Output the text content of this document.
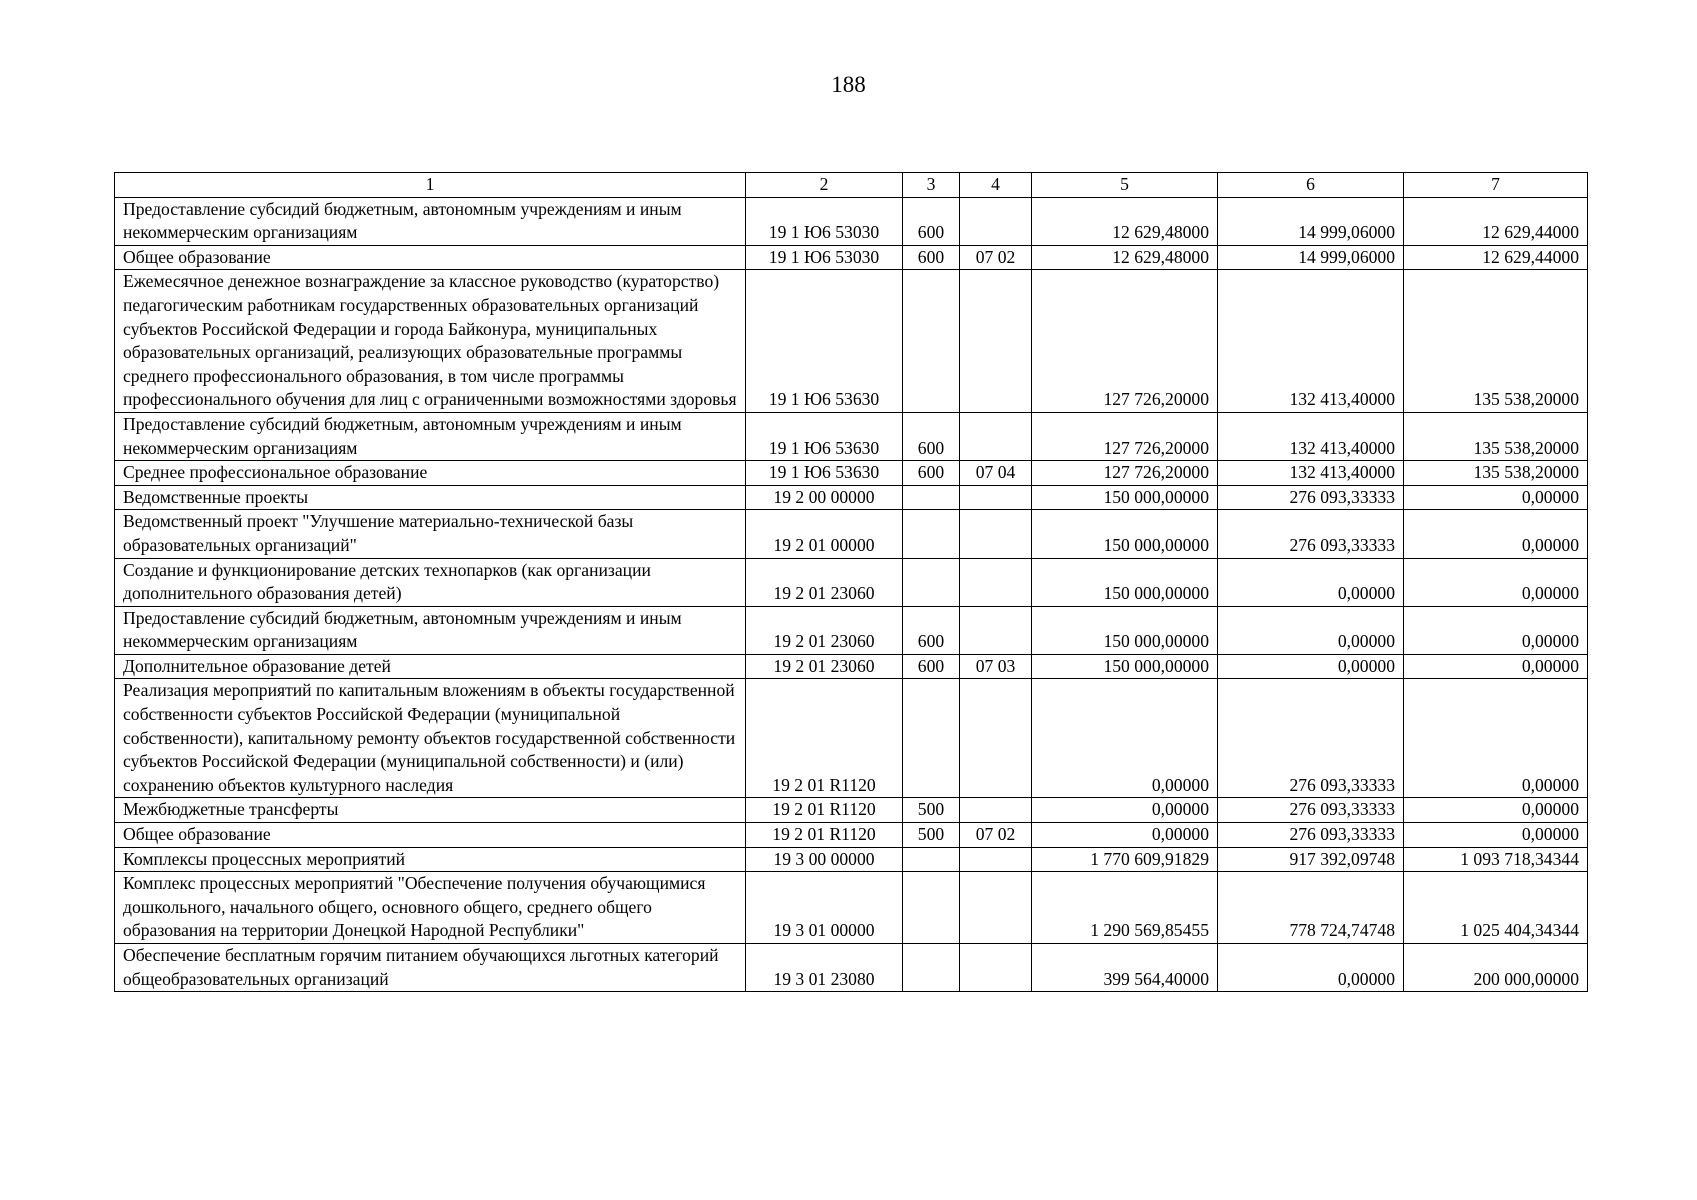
188
1	2	3	4	5	6	7
Предоставление субсидий бюджетным, автономным учреждениям и иным некоммерческим организациям	19 1 Ю6 53030	600		12 629,48000	14 999,06000	12 629,44000
Общее образование	19 1 Ю6 53030	600	07 02	12 629,48000	14 999,06000	12 629,44000
Ежемесячное денежное вознаграждение за классное руководство (кураторство) педагогическим работникам государственных образовательных организаций субъектов Российской Федерации и города Байконура, муниципальных образовательных организаций, реализующих образовательные программы среднего профессионального образования, в том числе программы профессионального обучения для лиц с ограниченными возможностями здоровья	19 1 Ю6 53630			127 726,20000	132 413,40000	135 538,20000
Предоставление субсидий бюджетным, автономным учреждениям и иным некоммерческим организациям	19 1 Ю6 53630	600		127 726,20000	132 413,40000	135 538,20000
Среднее профессиональное образование	19 1 Ю6 53630	600	07 04	127 726,20000	132 413,40000	135 538,20000
Ведомственные проекты	19 2 00 00000			150 000,00000	276 093,33333	0,00000
Ведомственный проект "Улучшение материально-технической базы образовательных организаций"	19 2 01 00000			150 000,00000	276 093,33333	0,00000
Создание и функционирование детских технопарков (как организации дополнительного образования детей)	19 2 01 23060			150 000,00000	0,00000	0,00000
Предоставление субсидий бюджетным, автономным учреждениям и иным некоммерческим организациям	19 2 01 23060	600		150 000,00000	0,00000	0,00000
Дополнительное образование детей	19 2 01 23060	600	07 03	150 000,00000	0,00000	0,00000
Реализация мероприятий по капитальным вложениям в объекты государственной собственности субъектов Российской Федерации (муниципальной собственности), капитальному ремонту объектов государственной собственности субъектов Российской Федерации (муниципальной собственности) и (или) сохранению объектов культурного наследия	19 2 01 R1120			0,00000	276 093,33333	0,00000
Межбюджетные трансферты	19 2 01 R1120	500		0,00000	276 093,33333	0,00000
Общее образование	19 2 01 R1120	500	07 02	0,00000	276 093,33333	0,00000
Комплексы процессных мероприятий	19 3 00 00000			1 770 609,91829	917 392,09748	1 093 718,34344
Комплекс процессных мероприятий "Обеспечение получения обучающимися дошкольного, начального общего, основного общего, среднего общего образования на территории Донецкой Народной Республики"	19 3 01 00000			1 290 569,85455	778 724,74748	1 025 404,34344
Обеспечение бесплатным горячим питанием обучающихся льготных категорий общеобразовательных организаций	19 3 01 23080			399 564,40000	0,00000	200 000,00000
